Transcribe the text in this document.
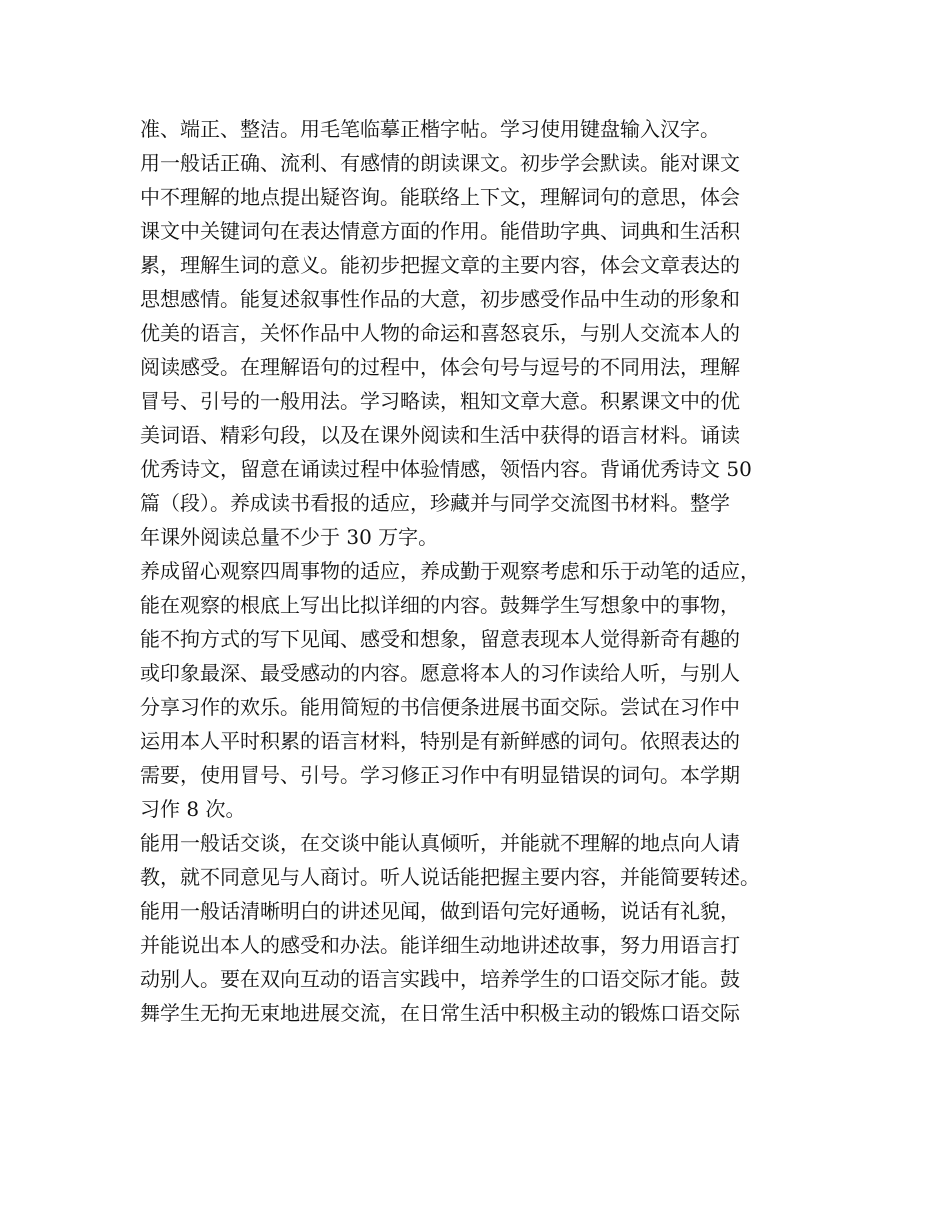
准、端正、整洁。用毛笔临摹正楷字帖。学习使用键盘输入汉字。
用一般话正确、流利、有感情的朗读课文。初步学会默读。能对课文
中不理解的地点提出疑咨询。能联络上下文，理解词句的意思，体会
课文中关键词句在表达情意方面的作用。能借助字典、词典和生活积
累，理解生词的意义。能初步把握文章的主要内容，体会文章表达的
思想感情。能复述叙事性作品的大意，初步感受作品中生动的形象和
优美的语言，关怀作品中人物的命运和喜怒哀乐，与别人交流本人的
阅读感受。在理解语句的过程中，体会句号与逗号的不同用法，理解
冒号、引号的一般用法。学习略读，粗知文章大意。积累课文中的优
美词语、精彩句段，以及在课外阅读和生活中获得的语言材料。诵读
优秀诗文，留意在诵读过程中体验情感，领悟内容。背诵优秀诗文 50
篇（段）。养成读书看报的适应，珍藏并与同学交流图书材料。整学
年课外阅读总量不少于 30 万字。
养成留心观察四周事物的适应，养成勤于观察考虑和乐于动笔的适应，
能在观察的根底上写出比拟详细的内容。鼓舞学生写想象中的事物，
能不拘方式的写下见闻、感受和想象，留意表现本人觉得新奇有趣的
或印象最深、最受感动的内容。愿意将本人的习作读给人听，与别人
分享习作的欢乐。能用简短的书信便条进展书面交际。尝试在习作中
运用本人平时积累的语言材料，特别是有新鲜感的词句。依照表达的
需要，使用冒号、引号。学习修正习作中有明显错误的词句。本学期
习作 8 次。
能用一般话交谈，在交谈中能认真倾听，并能就不理解的地点向人请
教，就不同意见与人商讨。听人说话能把握主要内容，并能简要转述。
能用一般话清晰明白的讲述见闻，做到语句完好通畅，说话有礼貌，
并能说出本人的感受和办法。能详细生动地讲述故事，努力用语言打
动别人。要在双向互动的语言实践中，培养学生的口语交际才能。鼓
舞学生无拘无束地进展交流，在日常生活中积极主动的锻炼口语交际
